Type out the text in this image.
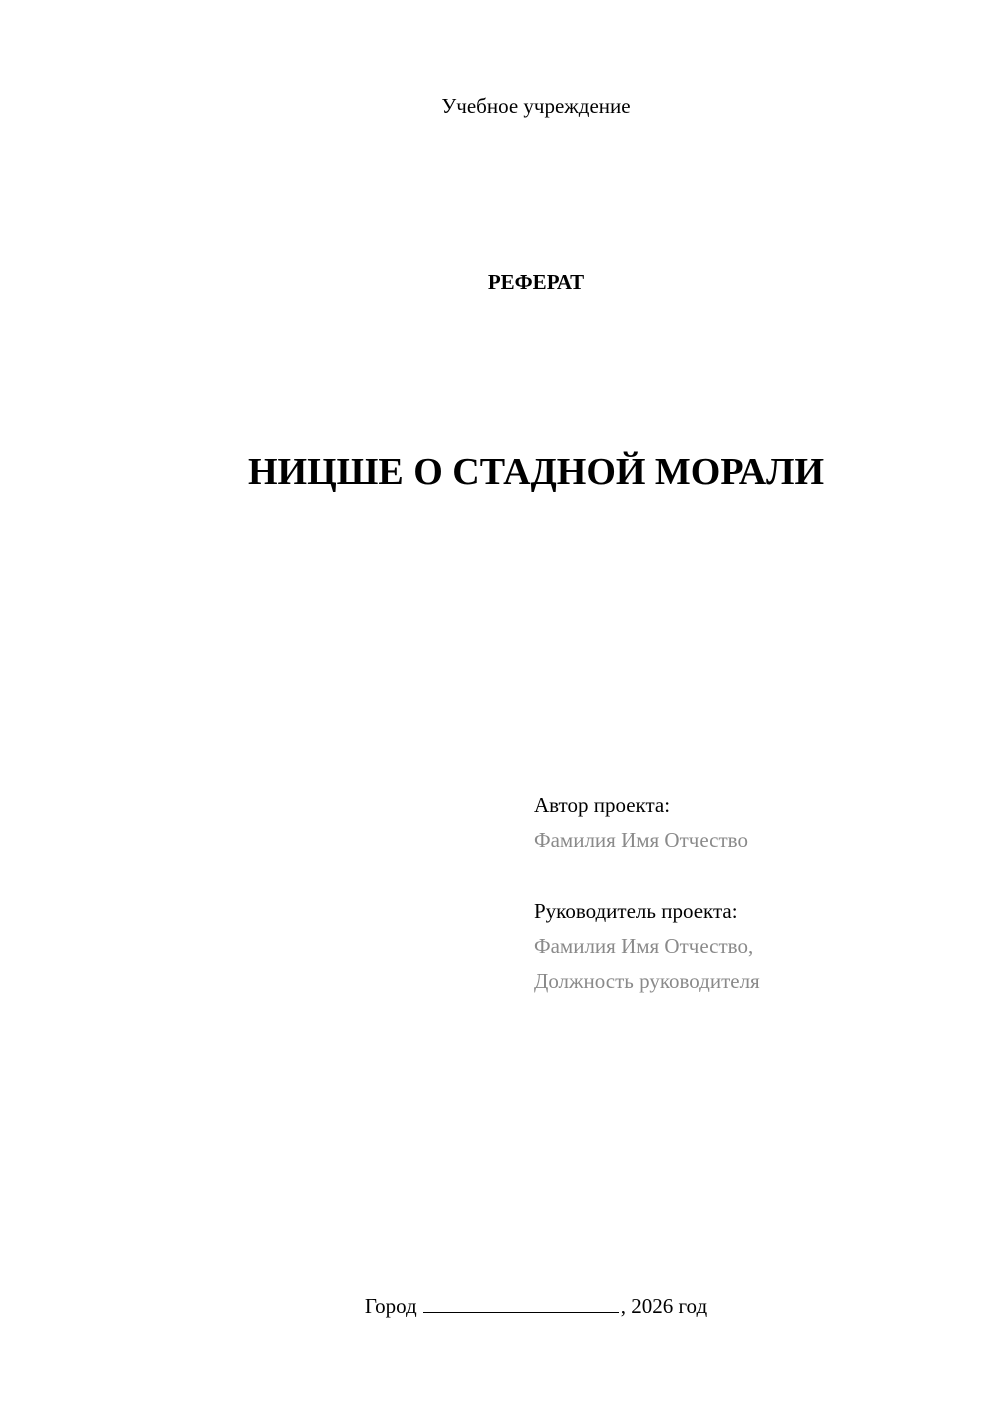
Учебное учреждение
РЕФЕРАТ
НИЦШЕ О СТАДНОЙ МОРАЛИ
Автор проекта:
Фамилия Имя Отчество
Руководитель проекта:
Фамилия Имя Отчество,
Должность руководителя
Город	, 2026 год
